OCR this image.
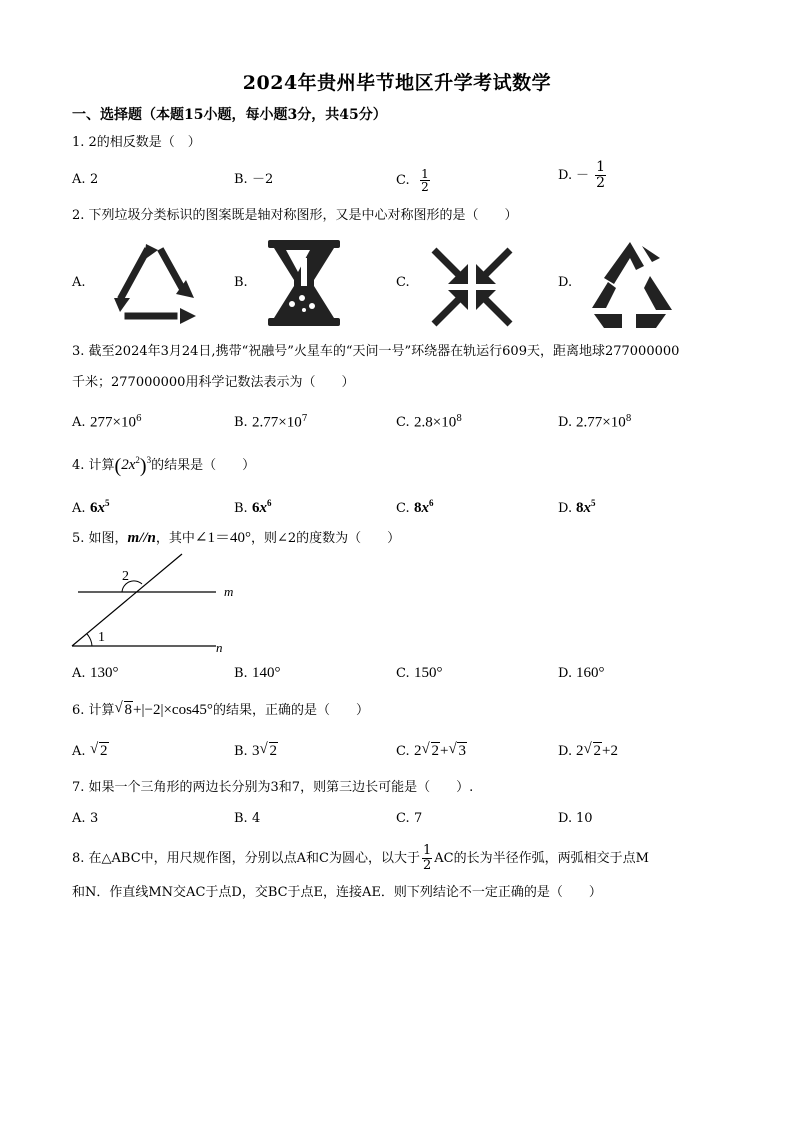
2024年贵州毕节地区升学考试数学
一、选择题（本题15小题，每小题3分，共45分）
1. 2的相反数是（　）
A. 2	B. －2	C. $\frac{1}{2}$	D. － $\frac{1}{2}$
2. 下列垃圾分类标识的图案既是轴对称图形，又是中心对称图形的是（　　）
A.	B.	C.	D.
3. 截至2024年3月24日,携带“祝融号”火星车的“天问一号”环绕器在轨运行609天，距离地球277000000
千米；277000000用科学记数法表示为（　　）
A. $277\times 10^6$	B. $2.77\times 10^7$	C. $2.8\times 10^8$	D. $2.77\times 10^8$
4. 计算$(2x^2)^3$的结果是（　　）
A. $6x^5$	B. $6x^6$	C. $8x^6$	D. $8x^5$
5. 如图，m//n，其中∠1＝40°，则∠2的度数为（　　）
2
1
m
n
A. 130°	B. 140°	C. 150°	D. 160°
6. 计算 √ 8+|−2|×cos45°的结果，正确的是（　　）
A. √ 2	B. 3 √ 2	C. 2 √ 2+ √ 3	D. 2 √ 2+2
7. 如果一个三角形的两边长分别为3和7，则第三边长可能是（　　）.
A. 3	B. 4	C. 7	D. 10
8. 在△ABC中，用尺规作图，分别以点A和C为圆心，以大于 $\frac{1}{2}$ AC的长为半径作弧，两弧相交于点M
和N．作直线MN交AC于点D，交BC于点E，连接AE．则下列结论不一定正确的是（　　）
